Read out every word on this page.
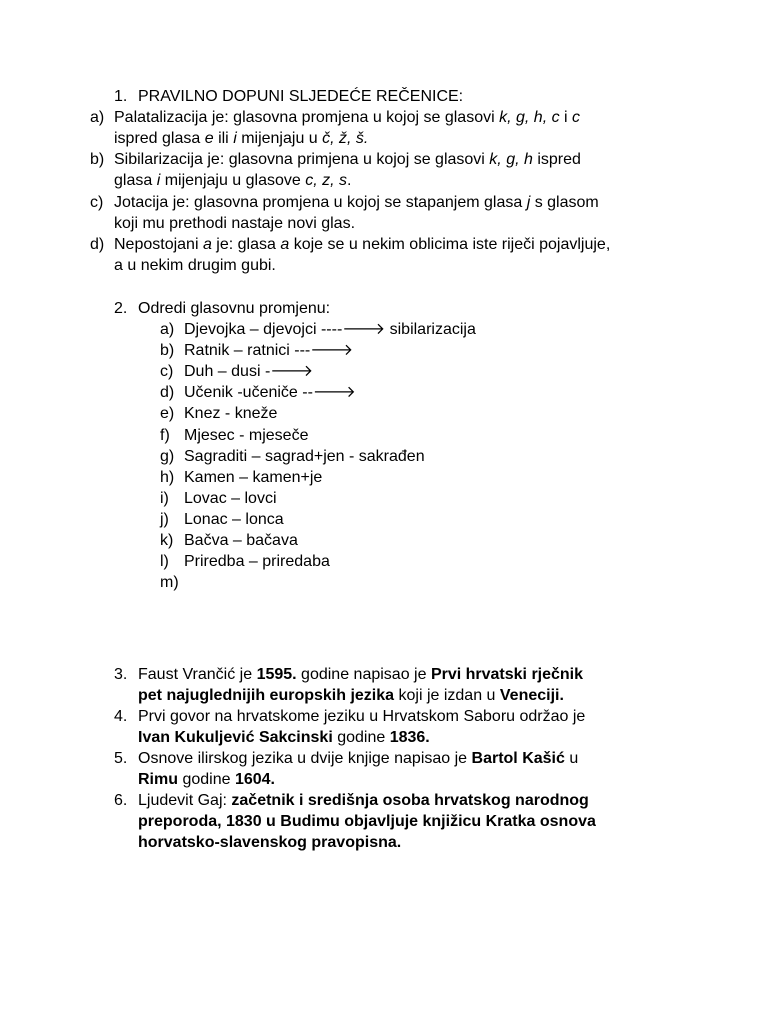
1. PRAVILNO DOPUNI SLJEDEĆE REČENICE:
a) Palatalizacija je: glasovna promjena u kojoj se glasovi k, g, h, c i c
ispred glasa e ili i mijenjaju u č, ž, š.
b) Sibilarizacija je: glasovna primjena u kojoj se glasovi k, g, h ispred
glasa i mijenjaju u glasove c, z, s.
c) Jotacija je: glasovna promjena u kojoj se stapanjem glasa j s glasom
koji mu prethodi nastaje novi glas.
d) Nepostojani a je: glasa a koje se u nekim oblicima iste riječi pojavljuje,
a u nekim drugim gubi.
2. Odredi glasovnu promjenu:
a) Djevojka – djevojci ----🡒 sibilarizacija
b) Ratnik – ratnici ---🡒
c) Duh – dusi -🡒
d) Učenik -učeniče --🡒
e) Knez - kneže
f) Mjesec - mjeseče
g) Sagraditi – sagrad+jen - sakrađen
h) Kamen – kamen+je
i) Lovac – lovci
j) Lonac – lonca
k) Bačva – bačava
l) Priredba – priredaba
m)
3. Faust Vrančić je 1595. godine napisao je Prvi hrvatski rječnik
pet najuglednijih europskih jezika koji je izdan u Veneciji.
4. Prvi govor na hrvatskome jeziku u Hrvatskom Saboru održao je
Ivan Kukuljević Sakcinski godine 1836.
5. Osnove ilirskog jezika u dvije knjige napisao je Bartol Kašić u
Rimu godine 1604.
6. Ljudevit Gaj: začetnik i središnja osoba hrvatskog narodnog
preporoda, 1830 u Budimu objavljuje knjižicu Kratka osnova
horvatsko-slavenskog pravopisna.
